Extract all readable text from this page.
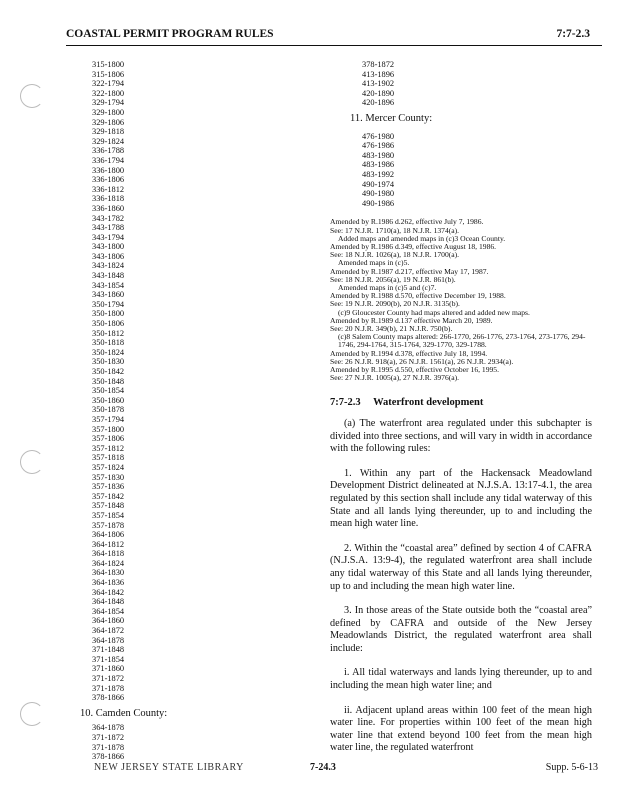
COASTAL PERMIT PROGRAM RULES	7:7-2.3
315-1800
315-1806
322-1794
322-1800
329-1794
329-1800
329-1806
329-1818
329-1824
336-1788
336-1794
336-1800
336-1806
336-1812
336-1818
336-1860
343-1782
343-1788
343-1794
343-1800
343-1806
343-1824
343-1848
343-1854
343-1860
350-1794
350-1800
350-1806
350-1812
350-1818
350-1824
350-1830
350-1842
350-1848
350-1854
350-1860
350-1878
357-1794
357-1800
357-1806
357-1812
357-1818
357-1824
357-1830
357-1836
357-1842
357-1848
357-1854
357-1878
364-1806
364-1812
364-1818
364-1824
364-1830
364-1836
364-1842
364-1848
364-1854
364-1860
364-1872
364-1878
371-1848
371-1854
371-1860
371-1872
371-1878
378-1866
10. Camden County:
364-1878
371-1872
371-1878
378-1866
378-1872
413-1896
413-1902
420-1890
420-1896
11. Mercer County:
476-1980
476-1986
483-1980
483-1986
483-1992
490-1974
490-1980
490-1986
Amended by R.1986 d.262, effective July 7, 1986.
See: 17 N.J.R. 1710(a), 18 N.J.R. 1374(a).
Added maps and amended maps in (c)3 Ocean County.
Amended by R.1986 d.349, effective August 18, 1986.
See: 18 N.J.R. 1026(a), 18 N.J.R. 1700(a).
Amended maps in (c)5.
Amended by R.1987 d.217, effective May 17, 1987.
See: 18 N.J.R. 2056(a), 19 N.J.R. 861(b).
Amended maps in (c)5 and (c)7.
Amended by R.1988 d.570, effective December 19, 1988.
See: 19 N.J.R. 2090(b), 20 N.J.R. 3135(b).
(c)9 Gloucester County had maps altered and added new maps.
Amended by R.1989 d.137 effective March 20, 1989.
See: 20 N.J.R. 349(b), 21 N.J.R. 750(b).
(c)8 Salem County maps altered: 266-1770, 266-1776, 273-1764, 273-1776, 294-1746, 294-1764, 315-1764, 329-1770, 329-1788.
Amended by R.1994 d.378, effective July 18, 1994.
See: 26 N.J.R. 918(a), 26 N.J.R. 1561(a), 26 N.J.R. 2934(a).
Amended by R.1995 d.550, effective October 16, 1995.
See: 27 N.J.R. 1005(a), 27 N.J.R. 3976(a).
7:7-2.3 Waterfront development

(a) The waterfront area regulated under this subchapter is divided into three sections, and will vary in width in accordance with the following rules:

1. Within any part of the Hackensack Meadowland Development District delineated at N.J.S.A. 13:17-4.1, the area regulated by this section shall include any tidal waterway of this State and all lands lying thereunder, up to and including the mean high water line.

2. Within the “coastal area” defined by section 4 of CAFRA (N.J.S.A. 13:9-4), the regulated waterfront area shall include any tidal waterway of this State and all lands lying thereunder, up to and including the mean high water line.

3. In those areas of the State outside both the “coastal area” defined by CAFRA and outside of the New Jersey Meadowlands District, the regulated waterfront area shall include:

i. All tidal waterways and lands lying thereunder, up to and including the mean high water line; and

ii. Adjacent upland areas within 100 feet of the mean high water line. For properties within 100 feet of the mean high water line that extend beyond 100 feet from the mean high water line, the regulated waterfront

NEW JERSEY STATE LIBRARY	7-24.3	Supp. 5-6-13
